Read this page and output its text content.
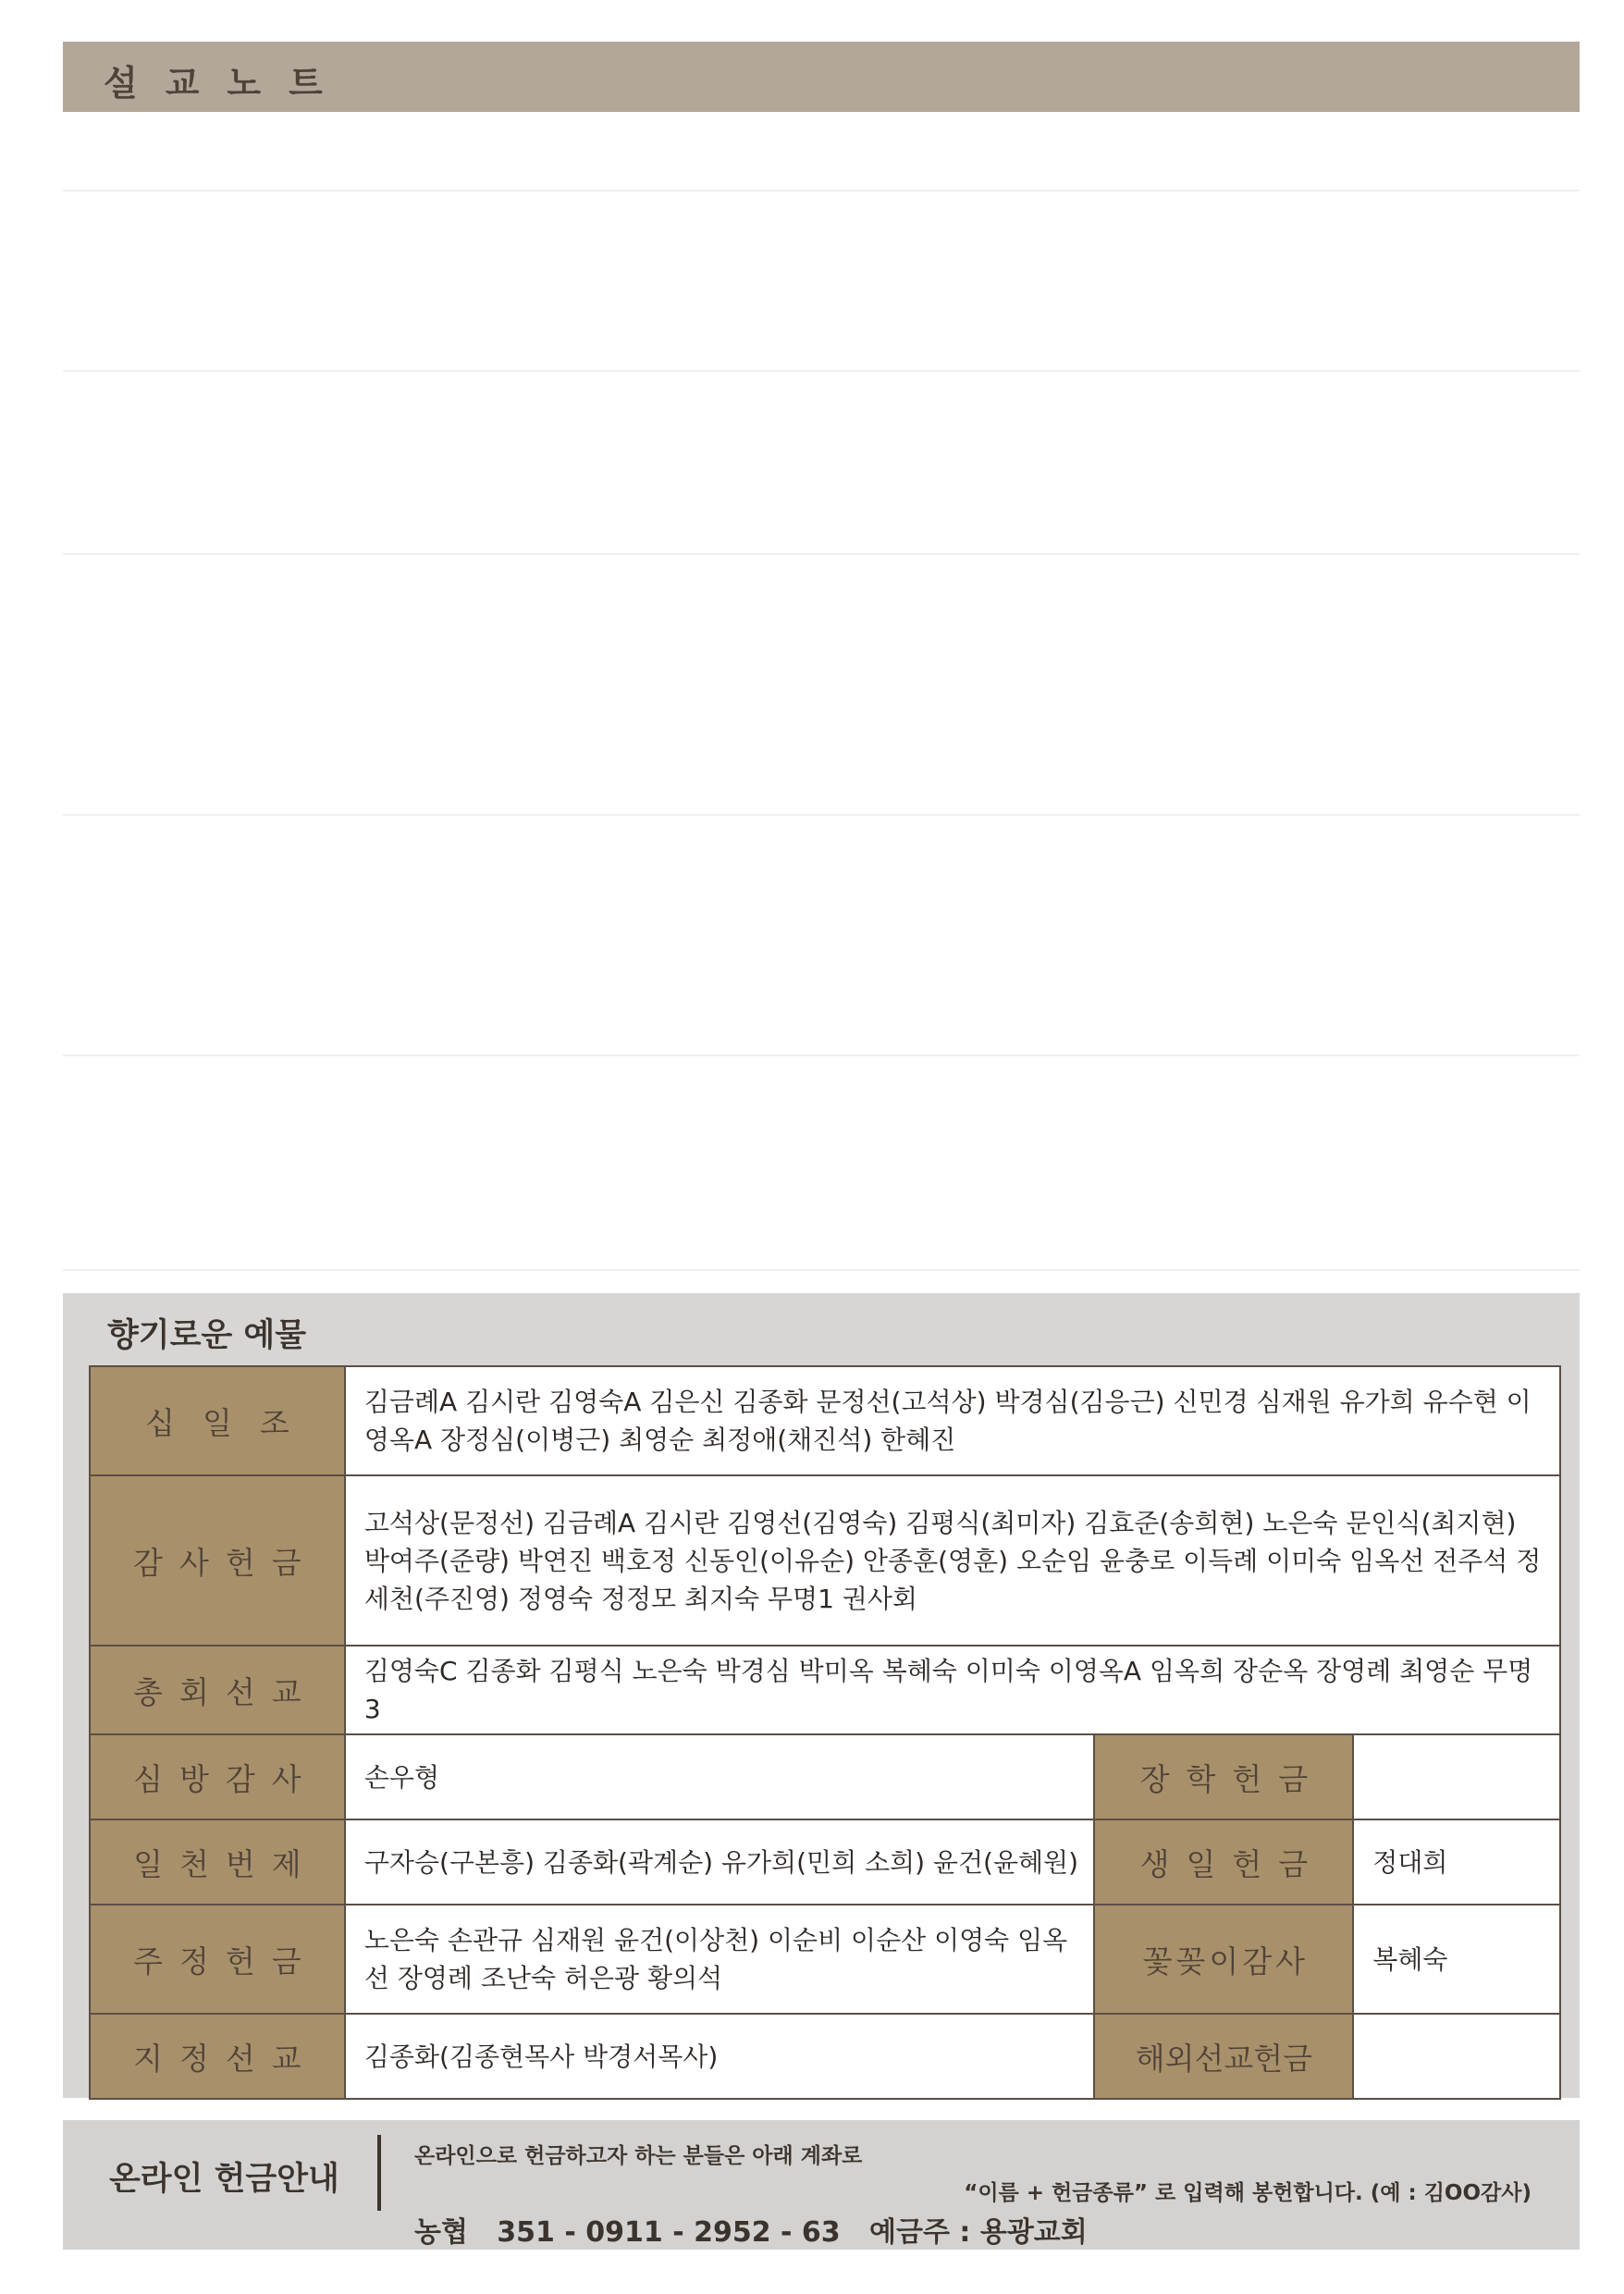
설교노트
향기로운 예물
십일조	김금례A 김시란 김영숙A 김은신 김종화 문정선(고석상) 박경심(김응근) 신민경 심재원 유가희 유수현 이영옥A 장정심(이병근) 최영순 최정애(채진석) 한혜진		
감사헌금	고석상(문정선) 김금례A 김시란 김영선(김영숙) 김평식(최미자) 김효준(송희현) 노은숙 문인식(최지현) 박여주(준량) 박연진 백호정 신동인(이유순) 안종훈(영훈) 오순임 윤충로 이득례 이미숙 임옥선 전주석 정세천(주진영) 정영숙 정정모 최지숙 무명1 권사회		
총회선교	김영숙C 김종화 김평식 노은숙 박경심 박미옥 복혜숙 이미숙 이영옥A 임옥희 장순옥 장영례 최영순 무명3		
심방감사	손우형	장학헌금	
일천번제	구자승(구본흥) 김종화(곽계순) 유가희(민희 소희) 윤건(윤혜원)	생일헌금	정대희
주정헌금	노은숙 손관규 심재원 윤건(이상천) 이순비 이순산 이영숙 임옥선 장영례 조난숙 허은광 황의석	꽃꽂이감사	복혜숙
지정선교	김종화(김종현목사 박경서목사)	해외선교헌금	
온라인 헌금안내
온라인으로 헌금하고자 하는 분들은 아래 계좌로
“이름 + 헌금종류” 로 입력해 봉헌합니다. (예 : 김OO감사)
농협   351 - 0911 - 2952 - 63   예금주 : 용광교회
